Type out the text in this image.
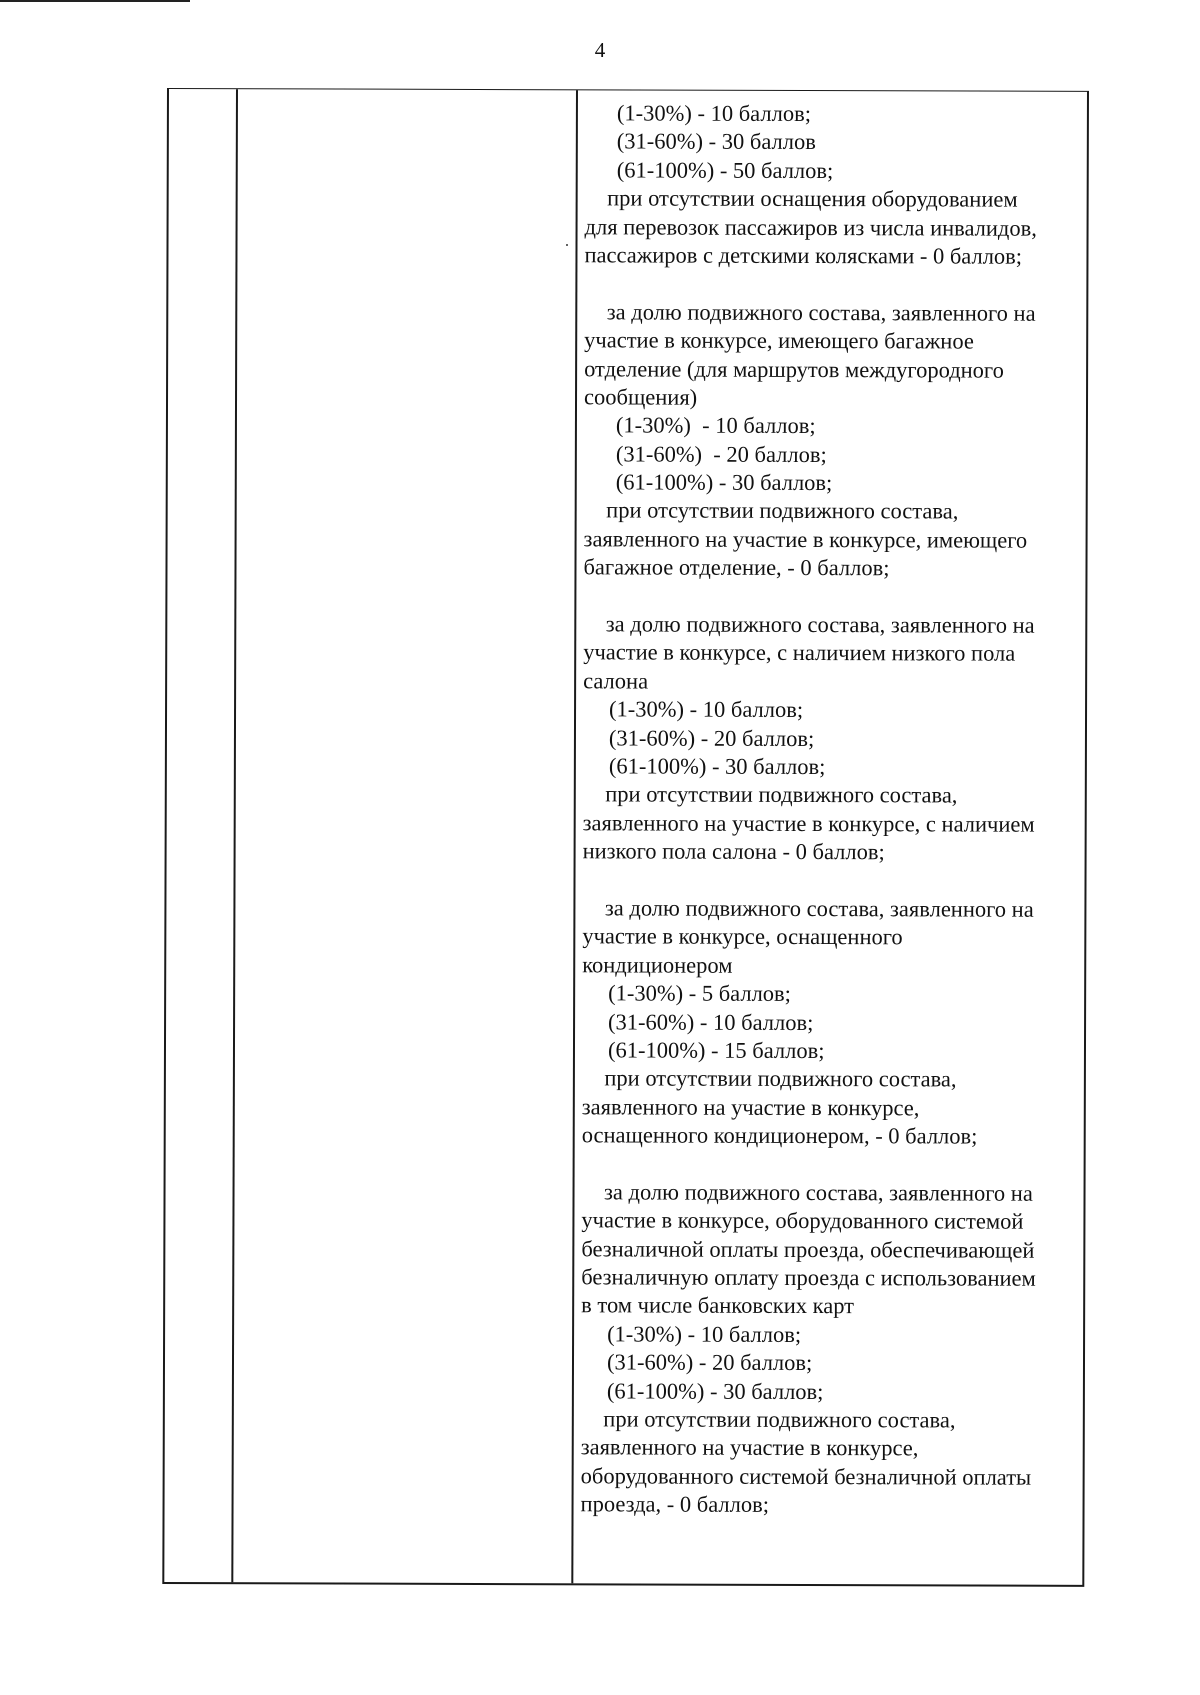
4
(1-30%) - 10 баллов;
(31-60%) - 30 баллов
(61-100%) - 50 баллов;
при отсутствии оснащения оборудованием
для перевозок пассажиров из числа инвалидов,
пассажиров с детскими колясками - 0 баллов;
за долю подвижного состава, заявленного на
участие в конкурсе, имеющего багажное
отделение (для маршрутов междугородного
сообщения)
(1-30%)  - 10 баллов;
(31-60%)  - 20 баллов;
(61-100%) - 30 баллов;
при отсутствии подвижного состава,
заявленного на участие в конкурсе, имеющего
багажное отделение, - 0 баллов;
за долю подвижного состава, заявленного на
участие в конкурсе, с наличием низкого пола
салона
(1-30%) - 10 баллов;
(31-60%) - 20 баллов;
(61-100%) - 30 баллов;
при отсутствии подвижного состава,
заявленного на участие в конкурсе, с наличием
низкого пола салона - 0 баллов;
за долю подвижного состава, заявленного на
участие в конкурсе, оснащенного
кондиционером
(1-30%) - 5 баллов;
(31-60%) - 10 баллов;
(61-100%) - 15 баллов;
при отсутствии подвижного состава,
заявленного на участие в конкурсе,
оснащенного кондиционером, - 0 баллов;
за долю подвижного состава, заявленного на
участие в конкурсе, оборудованного системой
безналичной оплаты проезда, обеспечивающей
безналичную оплату проезда с использованием
в том числе банковских карт
(1-30%) - 10 баллов;
(31-60%) - 20 баллов;
(61-100%) - 30 баллов;
при отсутствии подвижного состава,
заявленного на участие в конкурсе,
оборудованного системой безналичной оплаты
проезда, - 0 баллов;
